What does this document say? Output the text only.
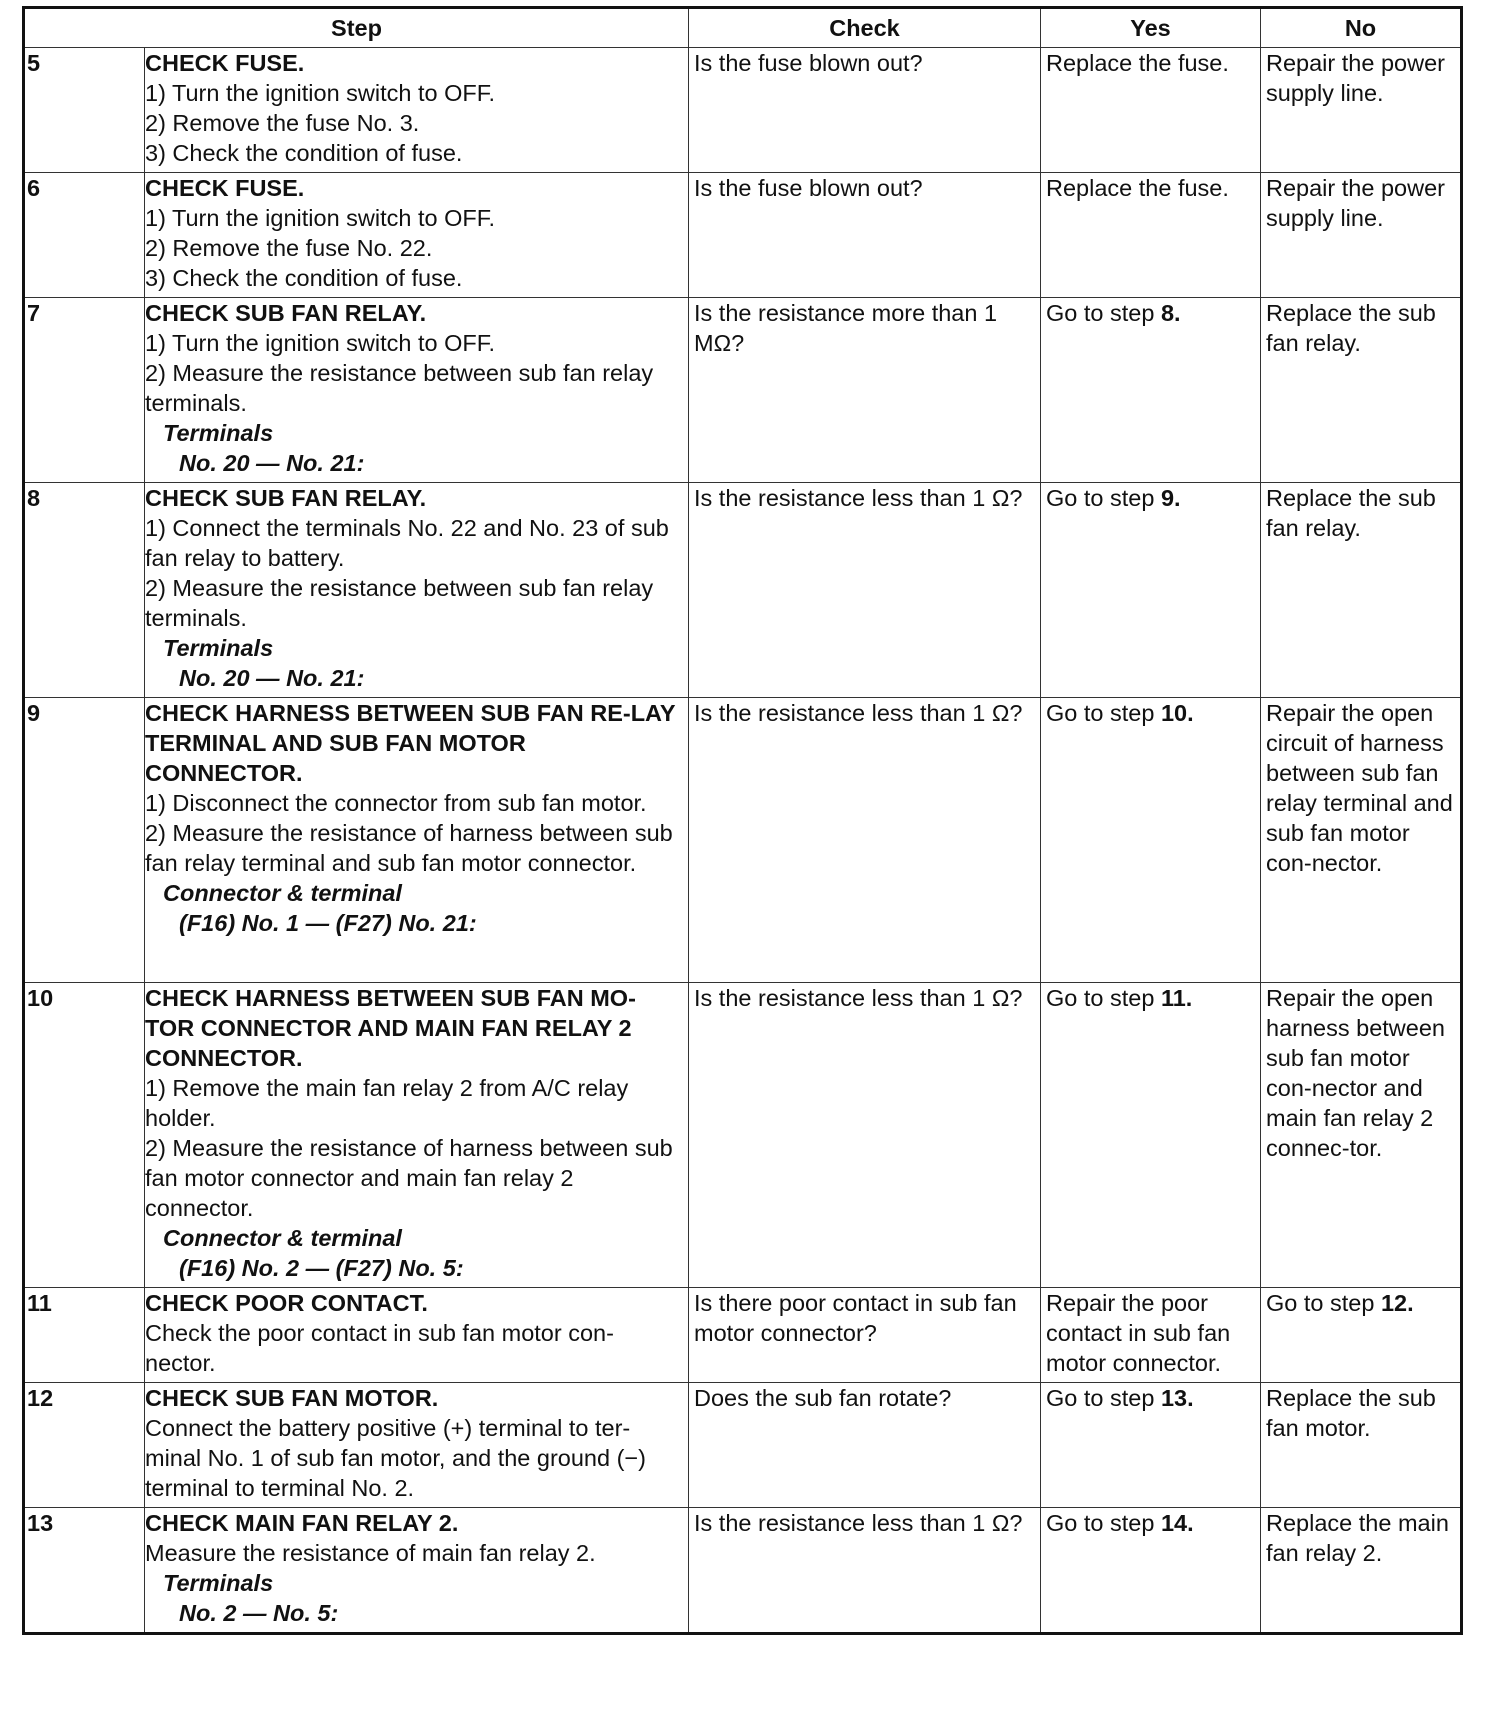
Step		Check	Yes	No
5	CHECK FUSE.
1) Turn the ignition switch to OFF.
2) Remove the fuse No. 3.
3) Check the condition of fuse.	Is the fuse blown out?	Replace the fuse.	Repair the power supply line.
6	CHECK FUSE.
1) Turn the ignition switch to OFF.
2) Remove the fuse No. 22.
3) Check the condition of fuse.	Is the fuse blown out?	Replace the fuse.	Repair the power supply line.
7	CHECK SUB FAN RELAY.
1) Turn the ignition switch to OFF.
2) Measure the resistance between sub fan relay terminals.
Terminals
No. 20 — No. 21:	Is the resistance more than 1 MΩ?	Go to step 8.	Replace the sub fan relay.
8	CHECK SUB FAN RELAY.
1) Connect the terminals No. 22 and No. 23 of sub fan relay to battery.
2) Measure the resistance between sub fan relay terminals.
Terminals
No. 20 — No. 21:	Is the resistance less than 1 Ω?	Go to step 9.	Replace the sub fan relay.
9	CHECK HARNESS BETWEEN SUB FAN RE-LAY TERMINAL AND SUB FAN MOTOR CONNECTOR.
1) Disconnect the connector from sub fan motor.
2) Measure the resistance of harness between sub fan relay terminal and sub fan motor connector.
Connector & terminal
(F16) No. 1 — (F27) No. 21:	Is the resistance less than 1 Ω?	Go to step 10.	Repair the open circuit of harness between sub fan relay terminal and sub fan motor con-nector.
10	CHECK HARNESS BETWEEN SUB FAN MO-TOR CONNECTOR AND MAIN FAN RELAY 2 CONNECTOR.
1) Remove the main fan relay 2 from A/C relay holder.
2) Measure the resistance of harness between sub fan motor connector and main fan relay 2 connector.
Connector & terminal
(F16) No. 2 — (F27) No. 5:	Is the resistance less than 1 Ω?	Go to step 11.	Repair the open harness between sub fan motor con-nector and main fan relay 2 connec-tor.
11	CHECK POOR CONTACT.
Check the poor contact in sub fan motor con-nector.	Is there poor contact in sub fan motor connector?	Repair the poor contact in sub fan motor connector.	Go to step 12.
12	CHECK SUB FAN MOTOR.
Connect the battery positive (+) terminal to ter-minal No. 1 of sub fan motor, and the ground (−) terminal to terminal No. 2.	Does the sub fan rotate?	Go to step 13.	Replace the sub fan motor.
13	CHECK MAIN FAN RELAY 2.
Measure the resistance of main fan relay 2.
Terminals
No. 2 — No. 5:	Is the resistance less than 1 Ω?	Go to step 14.	Replace the main fan relay 2.
